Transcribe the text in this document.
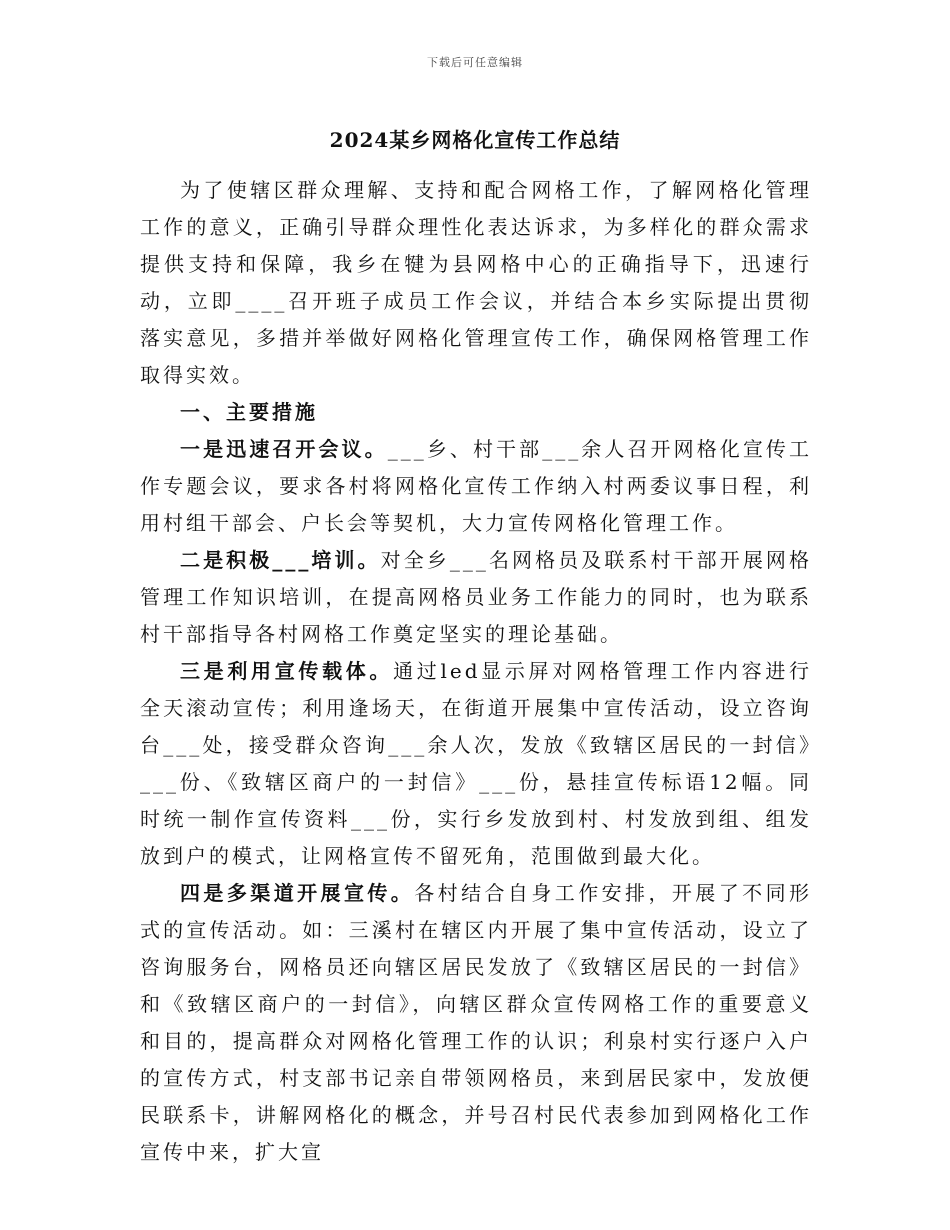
下载后可任意编辑
2024某乡网格化宣传工作总结

为了使辖区群众理解、支持和配合网格工作，了解网格化管理工作的意义，正确引导群众理性化表达诉求，为多样化的群众需求提供支持和保障，我乡在犍为县网格中心的正确指导下，迅速行动，立即____召开班子成员工作会议，并结合本乡实际提出贯彻落实意见，多措并举做好网格化管理宣传工作，确保网格管理工作取得实效。

一、主要措施

一是迅速召开会议。___乡、村干部___余人召开网格化宣传工作专题会议，要求各村将网格化宣传工作纳入村两委议事日程，利用村组干部会、户长会等契机，大力宣传网格化管理工作。

二是积极___培训。对全乡___名网格员及联系村干部开展网格管理工作知识培训，在提高网格员业务工作能力的同时，也为联系村干部指导各村网格工作奠定坚实的理论基础。

三是利用宣传载体。通过led显示屏对网格管理工作内容进行全天滚动宣传；利用逢场天，在街道开展集中宣传活动，设立咨询台___处，接受群众咨询___余人次，发放《致辖区居民的一封信》___份、《致辖区商户的一封信》___份，悬挂宣传标语12幅。同时统一制作宣传资料___份，实行乡发放到村、村发放到组、组发放到户的模式，让网格宣传不留死角，范围做到最大化。

四是多渠道开展宣传。各村结合自身工作安排，开展了不同形式的宣传活动。如：三溪村在辖区内开展了集中宣传活动，设立了咨询服务台，网格员还向辖区居民发放了《致辖区居民的一封信》和《致辖区商户的一封信》，向辖区群众宣传网格工作的重要意义和目的，提高群众对网格化管理工作的认识；利泉村实行逐户入户的宣传方式，村支部书记亲自带领网格员，来到居民家中，发放便民联系卡，讲解网格化的概念，并号召村民代表参加到网格化工作宣传中来，扩大宣
